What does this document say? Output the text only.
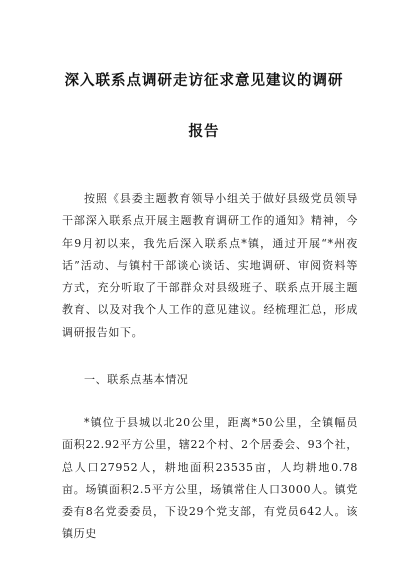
深入联系点调研走访征求意见建议的调研
报告
按照《县委主题教育领导小组关于做好县级党员领导干部深入联系点开展主题教育调研工作的通知》精神，今年9月初以来，我先后深入联系点*镇，通过开展“*州夜话”活动、与镇村干部谈心谈话、实地调研、审阅资料等方式，充分听取了干部群众对县级班子、联系点开展主题教育、以及对我个人工作的意见建议。经梳理汇总，形成调研报告如下。
一、联系点基本情况
*镇位于县城以北20公里，距离*50公里，全镇幅员面积22.92平方公里，辖22个村、2个居委会、93个社，总人口27952人，耕地面积23535亩，人均耕地0.78亩。场镇面积2.5平方公里，场镇常住人口3000人。镇党委有8名党委委员，下设29个党支部，有党员642人。该镇历史
